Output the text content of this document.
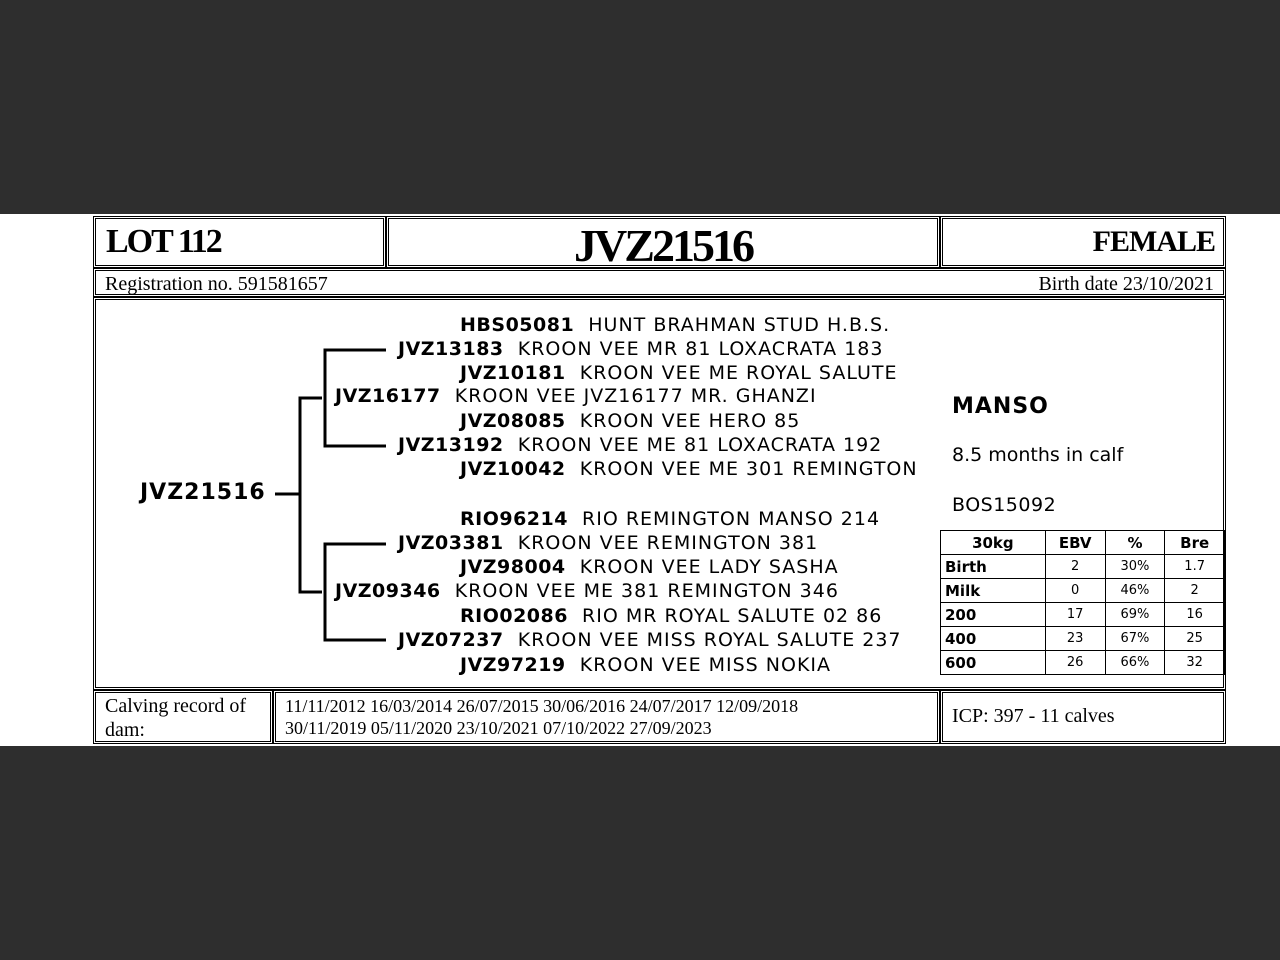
LOT 112	JVZ21516	FEMALE
Registration no. 591581657	Birth date 23/10/2021
JVZ21516
HBS05081 HUNT BRAHMAN STUD H.B.S.
JVZ13183 KROON VEE MR 81 LOXACRATA 183
JVZ10181 KROON VEE ME ROYAL SALUTE
JVZ16177 KROON VEE JVZ16177 MR. GHANZI
JVZ08085 KROON VEE HERO 85
JVZ13192 KROON VEE ME 81 LOXACRATA 192
JVZ10042  KROON VEE ME 301 REMINGTON
RIO96214 RIO REMINGTON MANSO 214
JVZ03381 KROON VEE REMINGTON 381
JVZ98004 KROON VEE LADY SASHA
JVZ09346 KROON VEE ME 381 REMINGTON 346
RIO02086 RIO MR ROYAL SALUTE 02 86
JVZ07237 KROON VEE MISS ROYAL SALUTE 237
JVZ97219 KROON VEE MISS NOKIA
MANSO
8.5 months in calf
BOS15092
30kg	EBV	%	Bre
Birth	2	30%	1.7
Milk	0	46%	2
200	17	69%	16
400	23	67%	25
600	26	66%	32
Calving record of
dam:
11/11/2012 16/03/2014 26/07/2015 30/06/2016 24/07/2017 12/09/2018
30/11/2019 05/11/2020 23/10/2021 07/10/2022 27/09/2023
ICP: 397 - 11 calves
